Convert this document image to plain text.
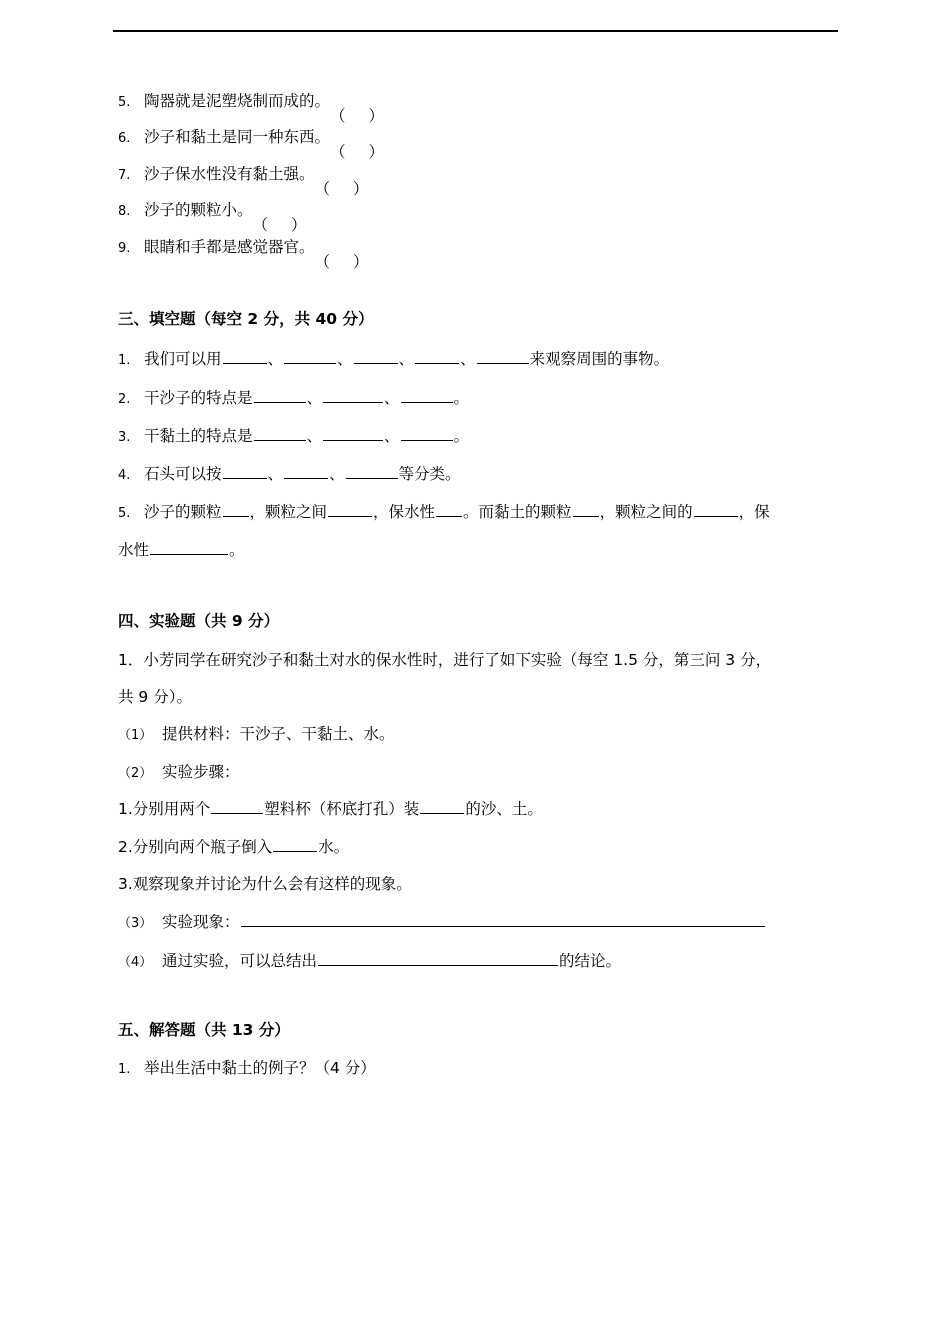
5. 陶器就是泥塑烧制而成的。
（ ）
6. 沙子和黏土是同一种东西。
（ ）
7. 沙子保水性没有黏土强。
（ ）
8. 沙子的颗粒小。
（ ）
9. 眼睛和手都是感觉器官。
（ ）
三、填空题（每空 2 分，共 40 分）
1. 我们可以用	、	、	、	、	来观察周围的事物。
2. 干沙子的特点是	、	、	。
3. 干黏土的特点是	、	、	。
4. 石头可以按	、	、	等分类。
5. 沙子的颗粒 ，颗粒之间	，保水性 。而黏土的颗粒 ，颗粒之间的	，保
水性	。
四、实验题（共 9 分）
1．小芳同学在研究沙子和黏土对水的保水性时，进行了如下实验（每空 1.5 分，第三问 3 分，
共 9 分）。
（1） 提供材料：干沙子、干黏土、水。
（2） 实验步骤：
1.分别用两个	塑料杯（杯底打孔）装	的沙、土。
2.分别向两个瓶子倒入	水。
3.观察现象并讨论为什么会有这样的现象。
（3） 实验现象：
（4） 通过实验，可以总结出	的结论。
五、解答题（共 13 分）
1. 举出生活中黏土的例子？（4 分）
